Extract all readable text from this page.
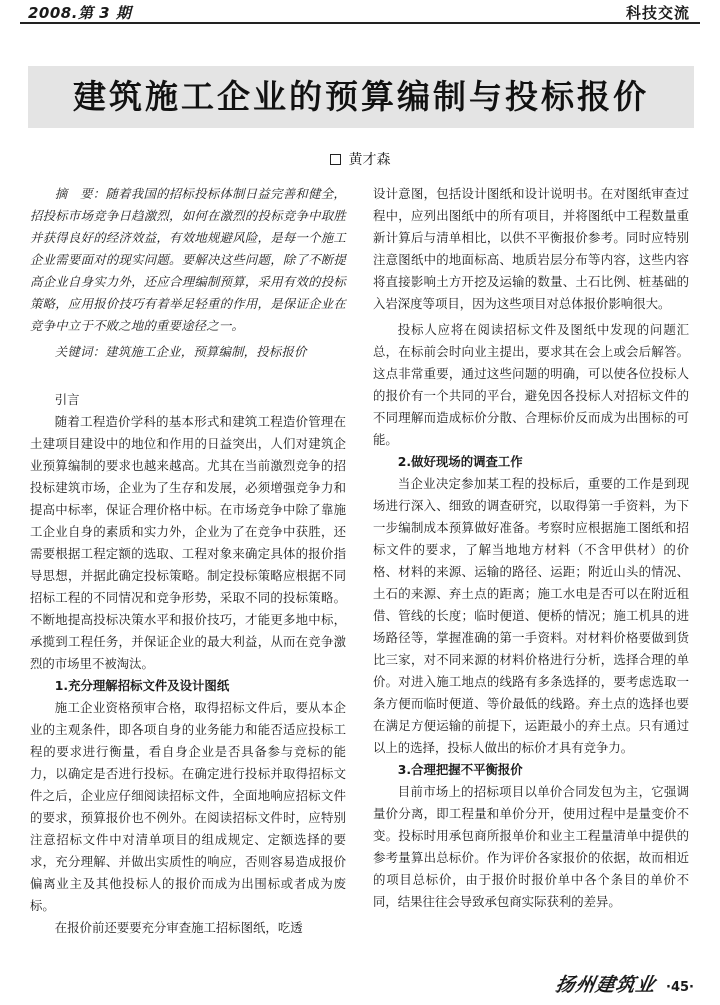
2008.第 3 期	科技交流
建筑施工企业的预算编制与投标报价
黄才森

摘　要：随着我国的招标投标体制日益完善和健全，招投标市场竞争日趋激烈，如何在激烈的投标竞争中取胜并获得良好的经济效益，有效地规避风险，是每一个施工企业需要面对的现实问题。要解决这些问题，除了不断提高企业自身实力外，还应合理编制预算，采用有效的投标策略，应用报价技巧有着举足轻重的作用，是保证企业在竞争中立于不败之地的重要途径之一。

关键词：建筑施工企业，预算编制，投标报价

引言

随着工程造价学科的基本形式和建筑工程造价管理在土建项目建设中的地位和作用的日益突出，人们对建筑企业预算编制的要求也越来越高。尤其在当前激烈竞争的招投标建筑市场，企业为了生存和发展，必须增强竞争力和提高中标率，保证合理价格中标。在市场竞争中除了靠施工企业自身的素质和实力外，企业为了在竞争中获胜，还需要根据工程定额的选取、工程对象来确定具体的报价指导思想，并据此确定投标策略。制定投标策略应根据不同招标工程的不同情况和竞争形势，采取不同的投标策略。不断地提高投标决策水平和报价技巧，才能更多地中标，承揽到工程任务，并保证企业的最大利益，从而在竞争激烈的市场里不被淘汰。

1.充分理解招标文件及设计图纸

施工企业资格预审合格，取得招标文件后，要从本企业的主观条件，即各项自身的业务能力和能否适应投标工程的要求进行衡量，看自身企业是否具备参与竞标的能力，以确定是否进行投标。在确定进行投标并取得招标文件之后，企业应仔细阅读招标文件，全面地响应招标文件的要求，预算报价也不例外。在阅读招标文件时，应特别注意招标文件中对清单项目的组成规定、定额选择的要求，充分理解、并做出实质性的响应，否则容易造成报价偏离业主及其他投标人的报价而成为出围标或者成为废标。

在报价前还要要充分审查施工招标图纸，吃透

设计意图，包括设计图纸和设计说明书。在对图纸审查过程中，应列出图纸中的所有项目，并将图纸中工程数量重新计算后与清单相比，以供不平衡报价参考。同时应特别注意图纸中的地面标高、地质岩层分布等内容，这些内容将直接影响土方开挖及运输的数量、土石比例、桩基础的入岩深度等项目，因为这些项目对总体报价影响很大。

投标人应将在阅读招标文件及图纸中发现的问题汇总，在标前会时向业主提出，要求其在会上或会后解答。这点非常重要，通过这些问题的明确，可以使各位投标人的报价有一个共同的平台，避免因各投标人对招标文件的不同理解而造成标价分散、合理标价反而成为出围标的可能。

2.做好现场的调查工作

当企业决定参加某工程的投标后，重要的工作是到现场进行深入、细致的调查研究，以取得第一手资料，为下一步编制成本预算做好准备。考察时应根据施工图纸和招标文件的要求，了解当地地方材料（不含甲供材）的价格、材料的来源、运输的路径、运距；附近山头的情况、土石的来源、弃土点的距离；施工水电是否可以在附近租借、管线的长度；临时便道、便桥的情况；施工机具的进场路径等，掌握准确的第一手资料。对材料价格要做到货比三家，对不同来源的材料价格进行分析，选择合理的单价。对进入施工地点的线路有多条选择的，要考虑选取一条方便而临时便道、等价最低的线路。弃土点的选择也要在满足方便运输的前提下，运距最小的弃土点。只有通过以上的选择，投标人做出的标价才具有竞争力。

3.合理把握不平衡报价

目前市场上的招标项目以单价合同发包为主，它强调量价分离，即工程量和单价分开，使用过程中是量变价不变。投标时用承包商所报单价和业主工程量清单中提供的参考量算出总标价。作为评价各家报价的依据，故而相近的项目总标价，由于报价时报价单中各个条目的单价不同，结果往往会导致承包商实际获利的差异。

扬州建筑业 ·45·
